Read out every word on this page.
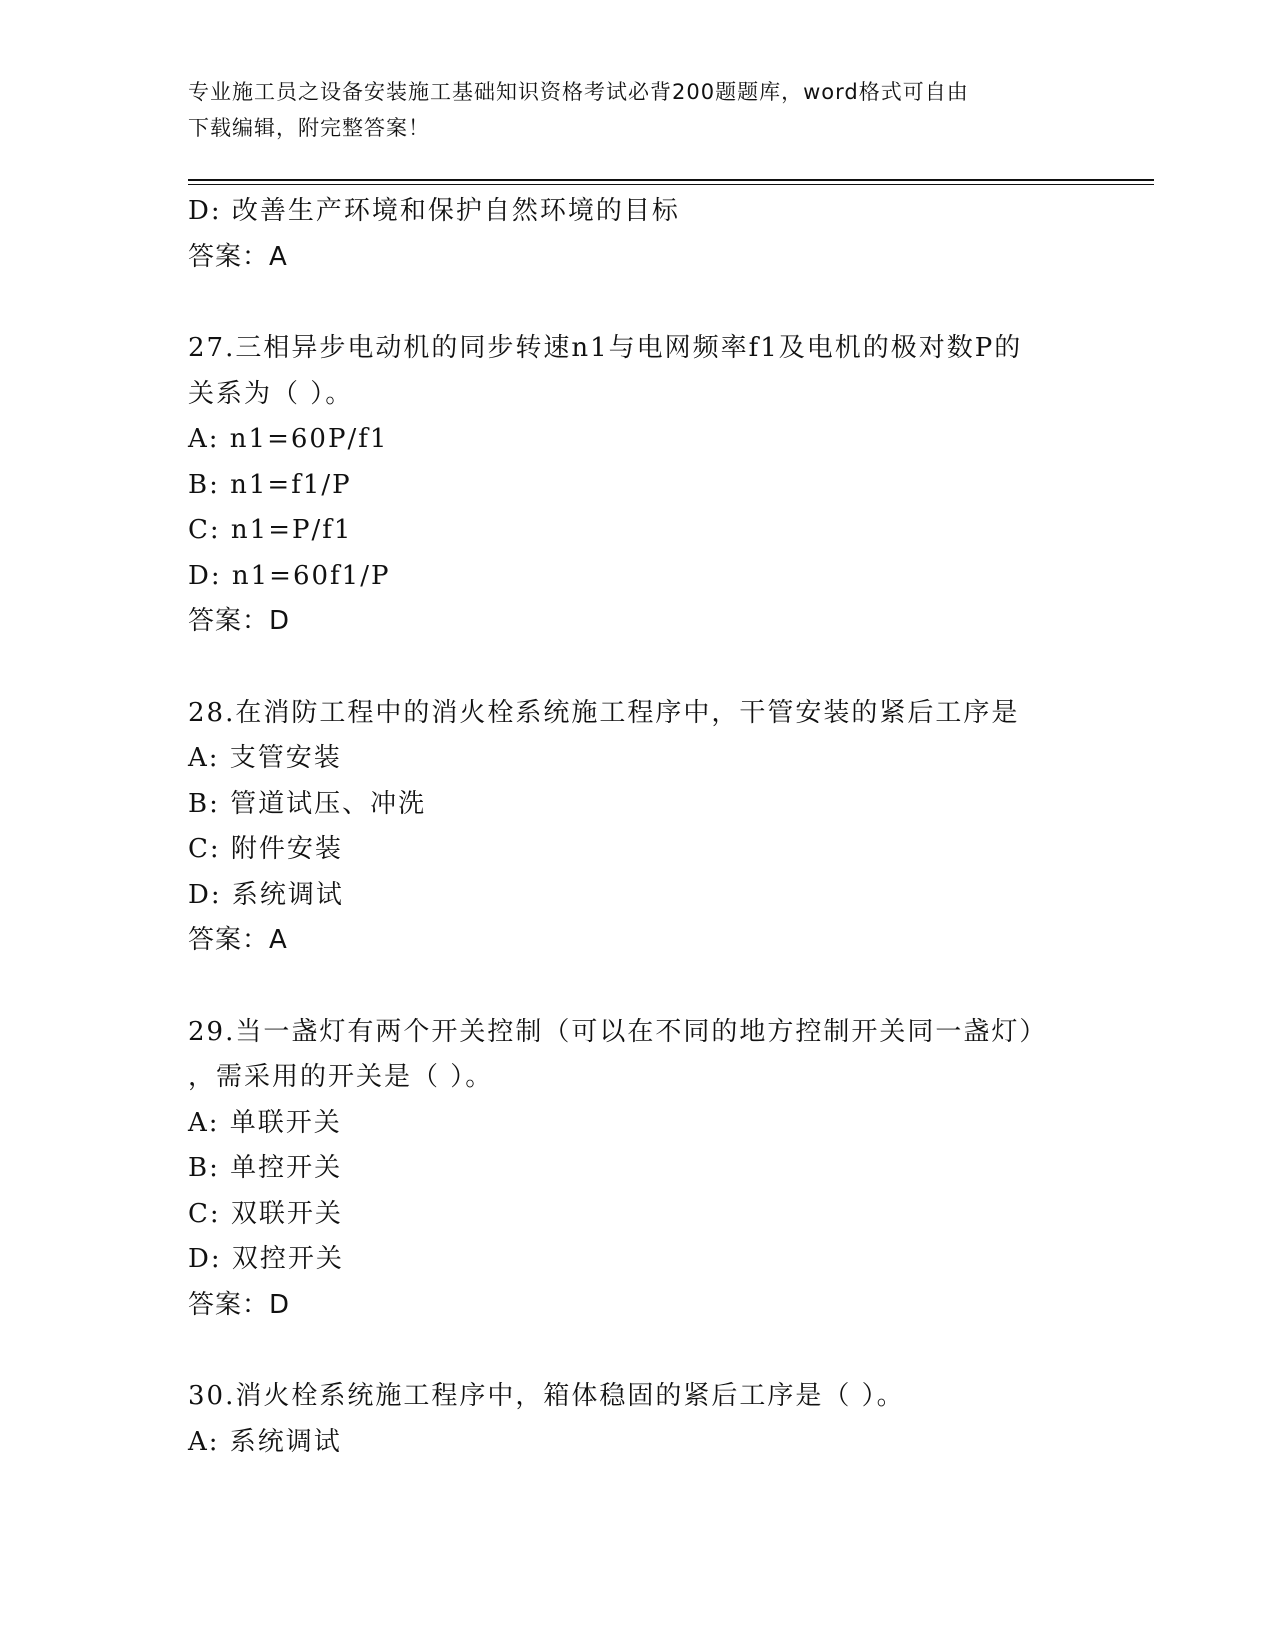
专业施工员之设备安装施工基础知识资格考试必背200题题库，word格式可自由
下载编辑，附完整答案！
D: 改善生产环境和保护自然环境的目标
答案：A
27.三相异步电动机的同步转速n1与电网频率f1及电机的极对数P的
关系为（ ）。
A: n1=60P/f1
B: n1=f1/P
C: n1=P/f1
D: n1=60f1/P
答案：D
28.在消防工程中的消火栓系统施工程序中，干管安装的紧后工序是
A: 支管安装
B: 管道试压、冲洗
C: 附件安装
D: 系统调试
答案：A
29.当一盏灯有两个开关控制（可以在不同的地方控制开关同一盏灯）
，需采用的开关是（ ）。
A: 单联开关
B: 单控开关
C: 双联开关
D: 双控开关
答案：D
30.消火栓系统施工程序中，箱体稳固的紧后工序是（ ）。
A: 系统调试
